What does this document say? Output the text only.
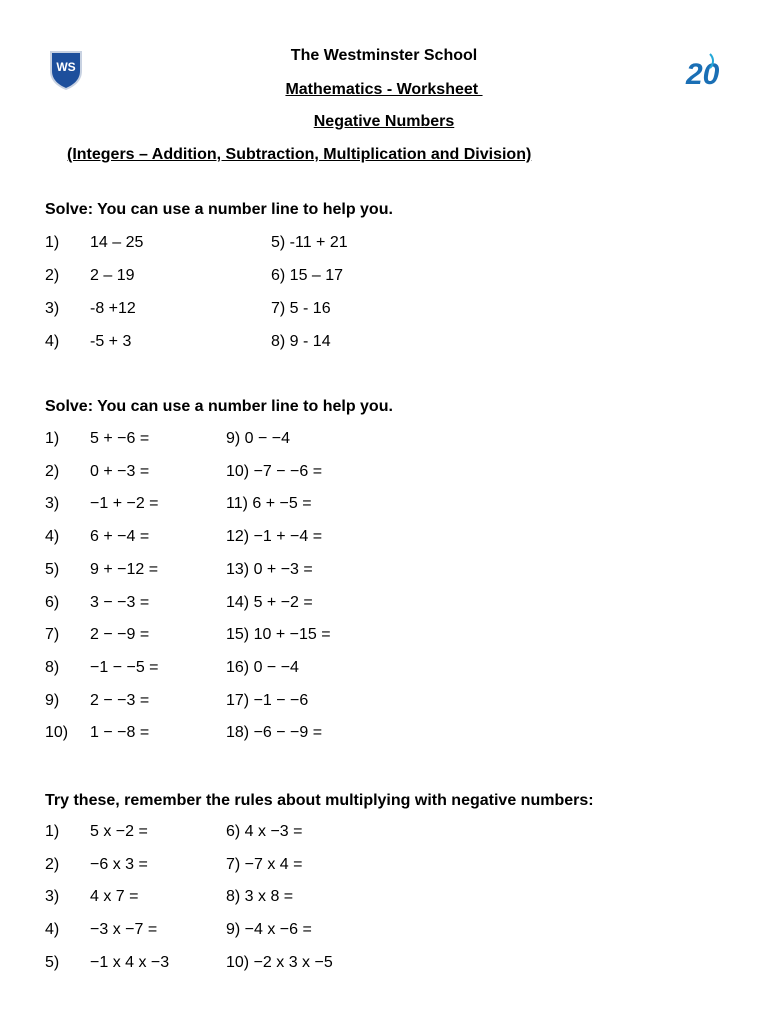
WS	20
The Westminster School
Mathematics - Worksheet
Negative Numbers
(Integers – Addition, Subtraction, Multiplication and Division)
Solve: You can use a number line to help you.
1) 14 – 25	5) -11 + 21
2) 2 – 19	6) 15 – 17
3) -8 +12	7) 5 - 16
4) -5 + 3	8) 9 - 14
Solve: You can use a number line to help you.
1) 5 + −6 =	9) 0 − −4
2) 0 + −3 =	10) −7 − −6 =
3) −1 + −2 =	11) 6 + −5 =
4) 6 + −4 =	12) −1 + −4 =
5) 9 + −12 =	13) 0 + −3 =
6) 3 − −3 =	14) 5 + −2 =
7) 2 − −9 =	15) 10 + −15 =
8) −1 − −5 =	16) 0 − −4
9) 2 − −3 =	17) −1 − −6
10) 1 − −8 =	18) −6 − −9 =
Try these, remember the rules about multiplying with negative numbers:
1) 5 x −2 =	6) 4 x −3 =
2) −6 x 3 =	7) −7 x 4 =
3) 4 x 7 =	8) 3 x 8 =
4) −3 x −7 =	9) −4 x −6 =
5) −1 x 4 x −3	10) −2 x 3 x −5
